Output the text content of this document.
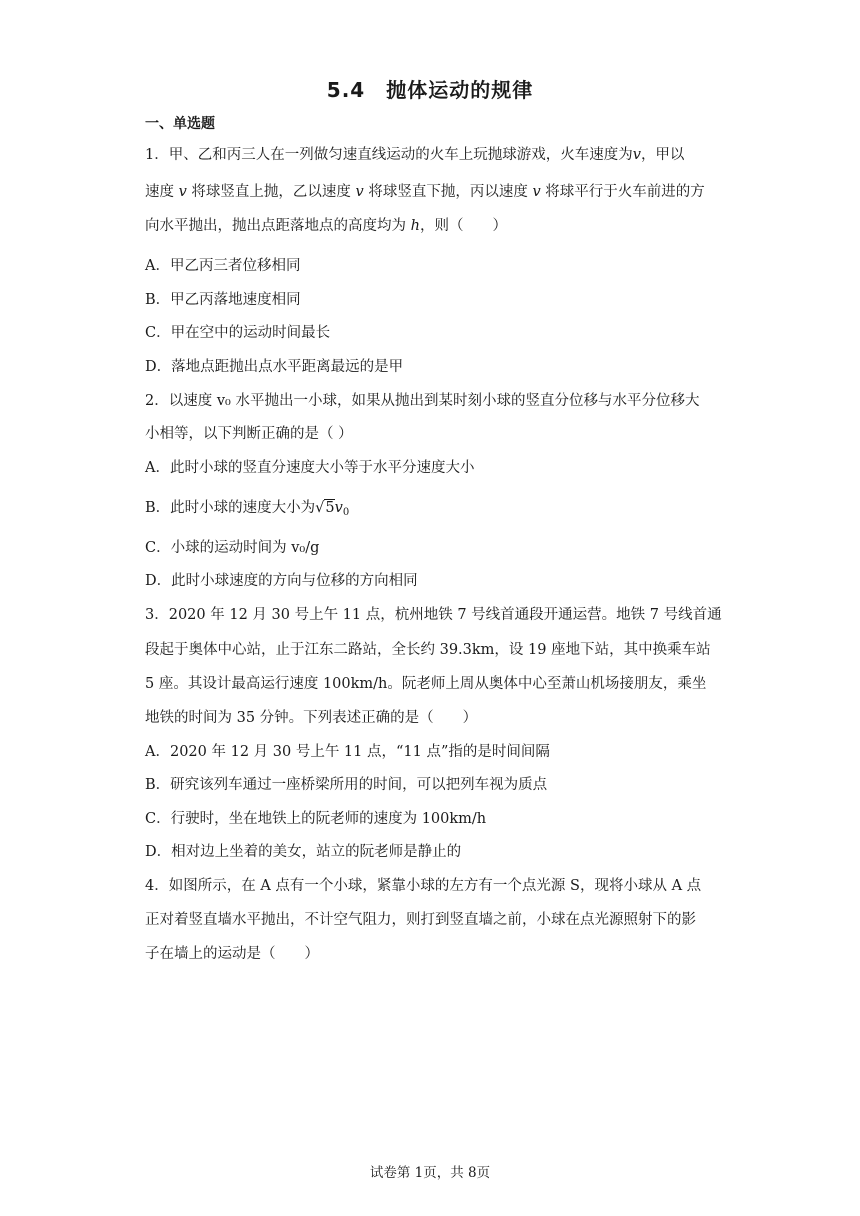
5.4　抛体运动的规律
一、单选题
1．甲、乙和丙三人在一列做匀速直线运动的火车上玩抛球游戏，火车速度为v，甲以
速度 v 将球竖直上抛，乙以速度 v 将球竖直下抛，丙以速度 v 将球平行于火车前进的方
向水平抛出，抛出点距落地点的高度均为 h，则（　　）
A．甲乙丙三者位移相同
B．甲乙丙落地速度相同
C．甲在空中的运动时间最长
D．落地点距抛出点水平距离最远的是甲
2．以速度 v₀ 水平抛出一小球，如果从抛出到某时刻小球的竖直分位移与水平分位移大
小相等，以下判断正确的是（ ）
A．此时小球的竖直分速度大小等于水平分速度大小
B．此时小球的速度大小为$√5v_0$
C．小球的运动时间为 v₀/g
D．此时小球速度的方向与位移的方向相同
3．2020 年 12 月 30 号上午 11 点，杭州地铁 7 号线首通段开通运营。地铁 7 号线首通
段起于奥体中心站，止于江东二路站，全长约 39.3km，设 19 座地下站，其中换乘车站
5 座。其设计最高运行速度 100km/h。阮老师上周从奥体中心至萧山机场接朋友，乘坐
地铁的时间为 35 分钟。下列表述正确的是（　　）
A．2020 年 12 月 30 号上午 11 点，“11 点”指的是时间间隔
B．研究该列车通过一座桥梁所用的时间，可以把列车视为质点
C．行驶时，坐在地铁上的阮老师的速度为 100km/h
D．相对边上坐着的美女，站立的阮老师是静止的
4．如图所示，在 A 点有一个小球，紧靠小球的左方有一个点光源 S，现将小球从 A 点
正对着竖直墙水平抛出，不计空气阻力，则打到竖直墙之前，小球在点光源照射下的影
子在墙上的运动是（　　）
试卷第 1页，共 8页
